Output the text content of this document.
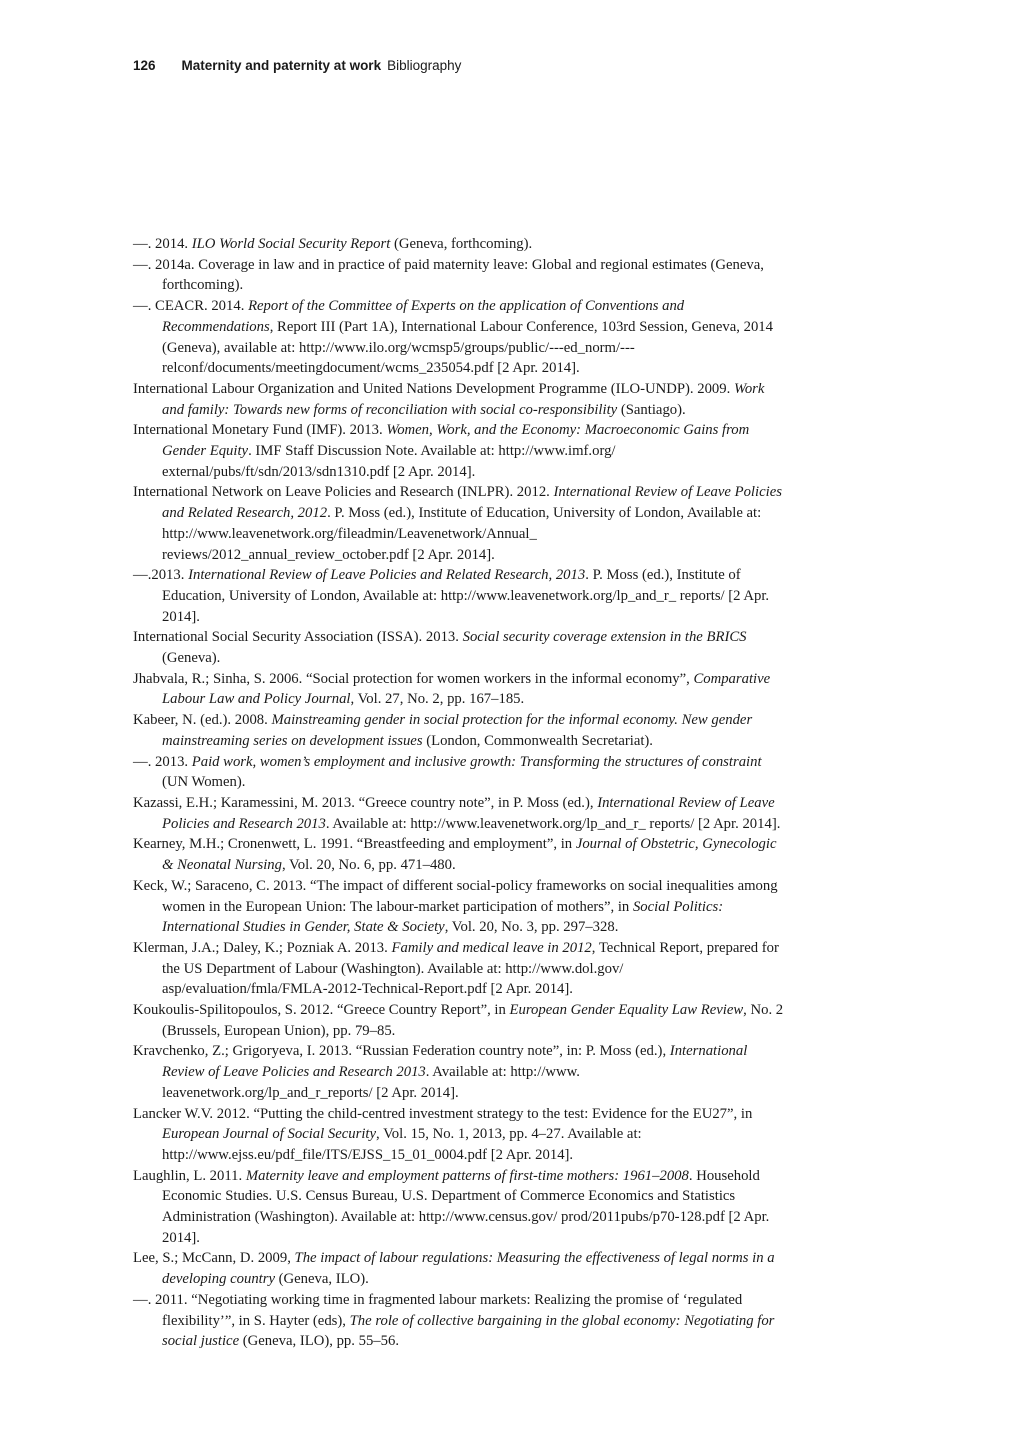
126 Maternity and paternity at work Bibliography

—. 2014. ILO World Social Security Report (Geneva, forthcoming).

—. 2014a. Coverage in law and in practice of paid maternity leave: Global and regional estimates (Geneva, forthcoming).

—. CEACR. 2014. Report of the Committee of Experts on the application of Conventions and Recommendations, Report III (Part 1A), International Labour Conference, 103rd Session, Geneva, 2014 (Geneva), available at: http://www.ilo.org/wcmsp5/groups/public/---ed_norm/---relconf/documents/meetingdocument/wcms_235054.pdf [2 Apr. 2014].

International Labour Organization and United Nations Development Programme (ILO-UNDP). 2009. Work and family: Towards new forms of reconciliation with social co-responsibility (Santiago).

International Monetary Fund (IMF). 2013. Women, Work, and the Economy: Macroeconomic Gains from Gender Equity. IMF Staff Discussion Note. Available at: http://www.imf.org/ external/pubs/ft/sdn/2013/sdn1310.pdf [2 Apr. 2014].

International Network on Leave Policies and Research (INLPR). 2012. International Review of Leave Policies and Related Research, 2012. P. Moss (ed.), Institute of Education, University of London, Available at: http://www.leavenetwork.org/fileadmin/Leavenetwork/Annual_ reviews/2012_annual_review_october.pdf [2 Apr. 2014].

—.2013. International Review of Leave Policies and Related Research, 2013. P. Moss (ed.), Institute of Education, University of London, Available at: http://www.leavenetwork.org/lp_and_r_ reports/ [2 Apr. 2014].

International Social Security Association (ISSA). 2013. Social security coverage extension in the BRICS (Geneva).

Jhabvala, R.; Sinha, S. 2006. “Social protection for women workers in the informal economy”, Comparative Labour Law and Policy Journal, Vol. 27, No. 2, pp. 167–185.

Kabeer, N. (ed.). 2008. Mainstreaming gender in social protection for the informal economy. New gender mainstreaming series on development issues (London, Commonwealth Secretariat).

—. 2013. Paid work, women’s employment and inclusive growth: Transforming the structures of constraint (UN Women).

Kazassi, E.H.; Karamessini, M. 2013. “Greece country note”, in P. Moss (ed.), International Review of Leave Policies and Research 2013. Available at: http://www.leavenetwork.org/lp_and_r_ reports/ [2 Apr. 2014].

Kearney, M.H.; Cronenwett, L. 1991. “Breastfeeding and employment”, in Journal of Obstetric, Gynecologic & Neonatal Nursing, Vol. 20, No. 6, pp. 471–480.

Keck, W.; Saraceno, C. 2013. “The impact of different social-policy frameworks on social inequalities among women in the European Union: The labour-market participation of mothers”, in Social Politics: International Studies in Gender, State & Society, Vol. 20, No. 3, pp. 297–328.

Klerman, J.A.; Daley, K.; Pozniak A. 2013. Family and medical leave in 2012, Technical Report, prepared for the US Department of Labour (Washington). Available at: http://www.dol.gov/ asp/evaluation/fmla/FMLA-2012-Technical-Report.pdf [2 Apr. 2014].

Koukoulis-Spilitopoulos, S. 2012. “Greece Country Report”, in European Gender Equality Law Review, No. 2 (Brussels, European Union), pp. 79–85.

Kravchenko, Z.; Grigoryeva, I. 2013. “Russian Federation country note”, in: P. Moss (ed.), International Review of Leave Policies and Research 2013. Available at: http://www. leavenetwork.org/lp_and_r_reports/ [2 Apr. 2014].

Lancker W.V. 2012. “Putting the child-centred investment strategy to the test: Evidence for the EU27”, in European Journal of Social Security, Vol. 15, No. 1, 2013, pp. 4–27. Available at: http://www.ejss.eu/pdf_file/ITS/EJSS_15_01_0004.pdf [2 Apr. 2014].

Laughlin, L. 2011. Maternity leave and employment patterns of first-time mothers: 1961–2008. Household Economic Studies. U.S. Census Bureau, U.S. Department of Commerce Economics and Statistics Administration (Washington). Available at: http://www.census.gov/ prod/2011pubs/p70-128.pdf [2 Apr. 2014].

Lee, S.; McCann, D. 2009, The impact of labour regulations: Measuring the effectiveness of legal norms in a developing country (Geneva, ILO).

—. 2011. “Negotiating working time in fragmented labour markets: Realizing the promise of ‘regulated flexibility’”, in S. Hayter (eds), The role of collective bargaining in the global economy: Negotiating for social justice (Geneva, ILO), pp. 55–56.
